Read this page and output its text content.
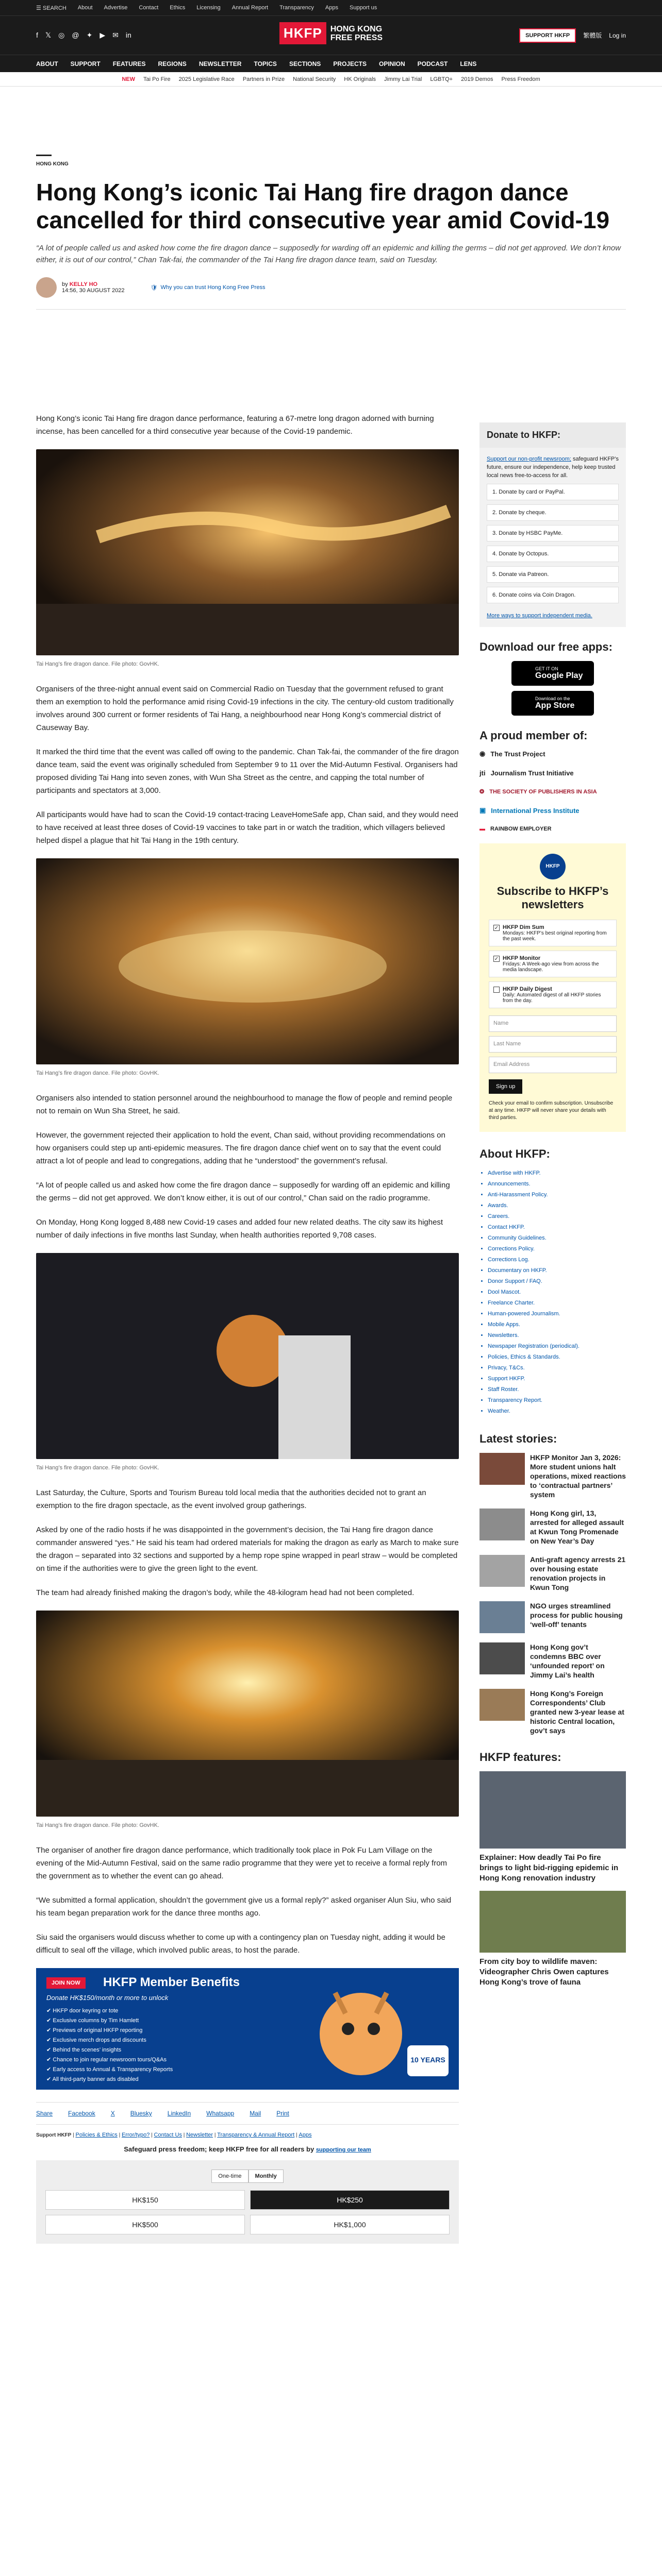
☰ SEARCH About Advertise Contact Ethics Licensing Annual Report Transparency Apps Support us
f 𝕏 ◎ @ ✦ ▶ ✉ in	HKFP	HONG KONG
FREE PRESS	SUPPORT HKFP	繁體版 Log in
ABOUT SUPPORT FEATURES REGIONS NEWSLETTER TOPICS SECTIONS PROJECTS OPINION PODCAST LENS
NEW Tai Po Fire 2025 Legislative Race Partners in Prize National Security HK Originals Jimmy Lai Trial LGBTQ+ 2019 Demos Press Freedom
HONG KONG
Hong Kong’s iconic Tai Hang fire dragon dance cancelled for third consecutive year amid Covid-19

“A lot of people called us and asked how come the fire dragon dance – supposedly for warding off an epidemic and killing the germs – did not get approved. We don’t know either, it is out of our control,” Chan Tak-fai, the commander of the Tai Hang fire dragon dance team, said on Tuesday.

by KELLY HO
14:56, 30 AUGUST 2022	🛡 Why you can trust Hong Kong Free Press

Hong Kong’s iconic Tai Hang fire dragon dance performance, featuring a 67-metre long dragon adorned with burning incense, has been cancelled for a third consecutive year because of the Covid-19 pandemic.

Tai Hang’s fire dragon dance. File photo: GovHK.

Organisers of the three-night annual event said on Commercial Radio on Tuesday that the government refused to grant them an exemption to hold the performance amid rising Covid-19 infections in the city. The century-old custom traditionally involves around 300 current or former residents of Tai Hang, a neighbourhood near Hong Kong’s commercial district of Causeway Bay.

It marked the third time that the event was called off owing to the pandemic. Chan Tak-fai, the commander of the fire dragon dance team, said the event was originally scheduled from September 9 to 11 over the Mid-Autumn Festival. Organisers had proposed dividing Tai Hang into seven zones, with Wun Sha Street as the centre, and capping the total number of participants and spectators at 3,000.

All participants would have had to scan the Covid-19 contact-tracing LeaveHomeSafe app, Chan said, and they would need to have received at least three doses of Covid-19 vaccines to take part in or watch the tradition, which villagers believed helped dispel a plague that hit Tai Hang in the 19th century.

Tai Hang’s fire dragon dance. File photo: GovHK.

Organisers also intended to station personnel around the neighbourhood to manage the flow of people and remind people not to remain on Wun Sha Street, he said.

However, the government rejected their application to hold the event, Chan said, without providing recommendations on how organisers could step up anti-epidemic measures. The fire dragon dance chief went on to say that the event could attract a lot of people and lead to congregations, adding that he “understood” the government’s refusal.

“A lot of people called us and asked how come the fire dragon dance – supposedly for warding off an epidemic and killing the germs – did not get approved. We don’t know either, it is out of our control,” Chan said on the radio programme.

On Monday, Hong Kong logged 8,488 new Covid-19 cases and added four new related deaths. The city saw its highest number of daily infections in five months last Sunday, when health authorities reported 9,708 cases.

Tai Hang’s fire dragon dance. File photo: GovHK.

Last Saturday, the Culture, Sports and Tourism Bureau told local media that the authorities decided not to grant an exemption to the fire dragon spectacle, as the event involved group gatherings.

Asked by one of the radio hosts if he was disappointed in the government’s decision, the Tai Hang fire dragon dance commander answered “yes.” He said his team had ordered materials for making the dragon as early as March to make sure the dragon – separated into 32 sections and supported by a hemp rope spine wrapped in pearl straw – would be completed on time if the authorities were to give the green light to the event.

The team had already finished making the dragon’s body, while the 48-kilogram head had not been completed.

Tai Hang’s fire dragon dance. File photo: GovHK.

The organiser of another fire dragon dance performance, which traditionally took place in Pok Fu Lam Village on the evening of the Mid-Autumn Festival, said on the same radio programme that they were yet to receive a formal reply from the government as to whether the event can go ahead.

“We submitted a formal application, shouldn’t the government give us a formal reply?” asked organiser Alun Siu, who said his team began preparation work for the dance three months ago.

Siu said the organisers would discuss whether to come up with a contingency plan on Tuesday night, adding it would be difficult to seal off the village, which involved public areas, to host the parade.

JOIN NOW	HKFP Member Benefits
Donate HK$150/month or more to unlock
✔ HKFP door keyring or tote
✔ Exclusive columns by Tim Hamlett
✔ Previews of original HKFP reporting
✔ Exclusive merch drops and discounts
✔ Behind the scenes’ insights
✔ Chance to join regular newsroom tours/Q&As
✔ Early access to Annual & Transparency Reports
✔ All third-party banner ads disabled
10 YEARS
Share	Facebook	X	Bluesky	LinkedIn	Whatsapp	Mail	Print
Support HKFP | Policies & Ethics | Error/typo? | Contact Us | Newsletter | Transparency & Annual Report | Apps
Safeguard press freedom; keep HKFP free for all readers by supporting our team
One-time	Monthly
HK$150	HK$250
HK$500	HK$1,000
Donate to HKFP:
Support our non-profit newsroom; safeguard HKFP’s future, ensure our independence, help keep trusted local news free-to-access for all.
1. Donate by card or PayPal.
2. Donate by cheque.
3. Donate by HSBC PayMe.
4. Donate by Octopus.
5. Donate via Patreon.
6. Donate coins via Coin Dragon.
More ways to support independent media.
Download our free apps:
GET IT ON
Google Play
Download on the
App Store
A proud member of:
◉ The Trust Project
jti Journalism Trust Initiative
❂ THE SOCIETY OF PUBLISHERS IN ASIA
▣ International Press Institute
▬ RAINBOW EMPLOYER
HKFP
Subscribe to HKFP’s newsletters
✓ HKFP Dim Sum
Mondays: HKFP’s best original reporting from the past week.
✓ HKFP Monitor
Fridays: A Week-ago view from across the media landscape.
HKFP Daily Digest
Daily: Automated digest of all HKFP stories from the day.
Name
Last Name
Email Address
Sign up
Check your email to confirm subscription. Unsubscribe at any time. HKFP will never share your details with third parties.
About HKFP:
• Advertise with HKFP.
• Announcements.
• Anti-Harassment Policy.
• Awards.
• Careers.
• Contact HKFP.
• Community Guidelines.
• Corrections Policy.
• Corrections Log.
• Documentary on HKFP.
• Donor Support / FAQ.
• Dool Mascot.
• Freelance Charter.
• Human-powered Journalism.
• Mobile Apps.
• Newsletters.
• Newspaper Registration (periodical).
• Policies, Ethics & Standards.
• Privacy, T&Cs.
• Support HKFP.
• Staff Roster.
• Transparency Report.
• Weather.
Latest stories:
HKFP Monitor Jan 3, 2026: More student unions halt operations, mixed reactions to ‘contractual partners’ system
Hong Kong girl, 13, arrested for alleged assault at Kwun Tong Promenade on New Year’s Day
Anti-graft agency arrests 21 over housing estate renovation projects in Kwun Tong
NGO urges streamlined process for public housing ‘well-off’ tenants
Hong Kong gov’t condemns BBC over ‘unfounded report’ on Jimmy Lai’s health
Hong Kong’s Foreign Correspondents’ Club granted new 3-year lease at historic Central location, gov’t says
HKFP features:
Explainer: How deadly Tai Po fire brings to light bid-rigging epidemic in Hong Kong renovation industry
From city boy to wildlife maven: Videographer Chris Owen captures Hong Kong’s trove of fauna
